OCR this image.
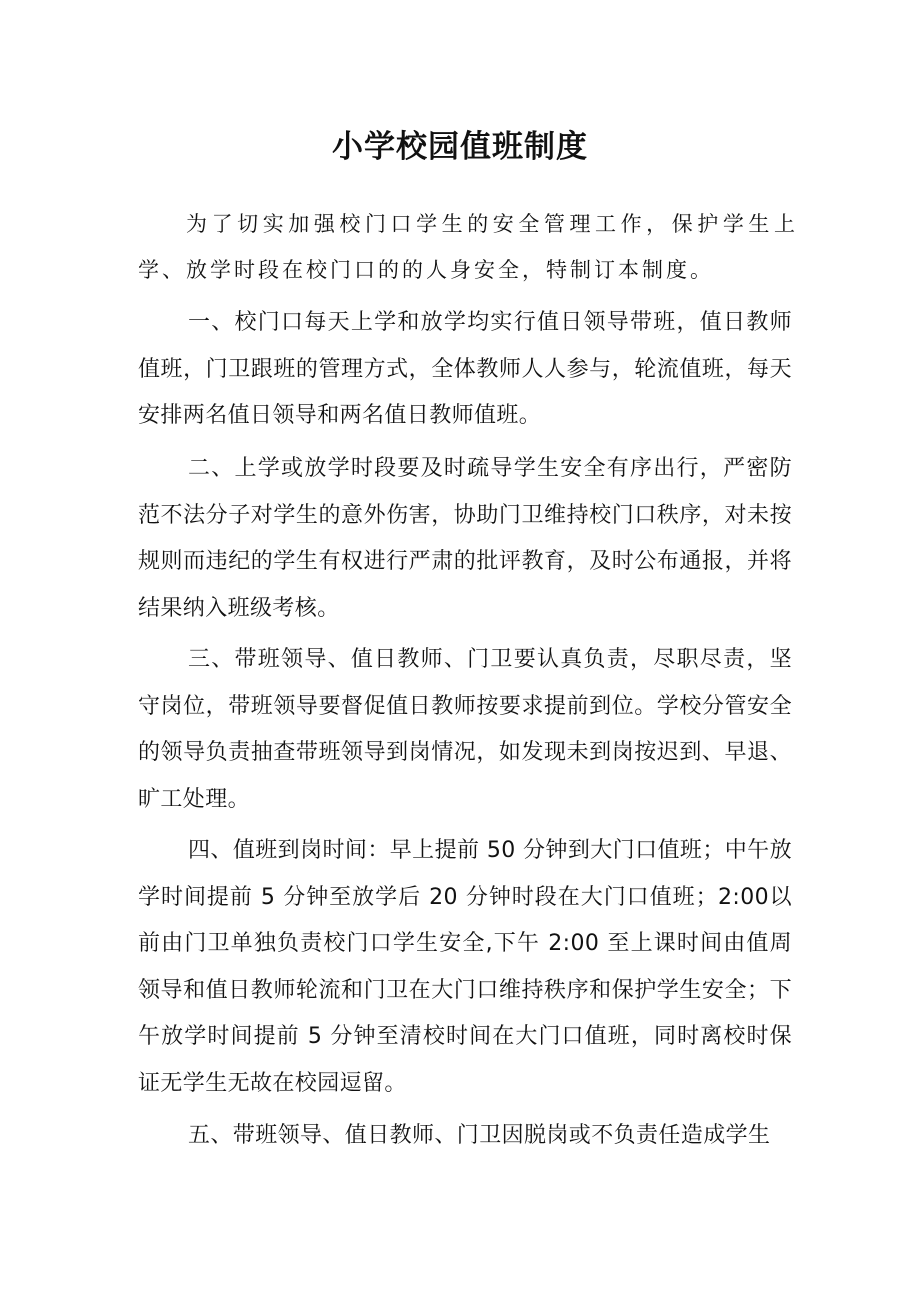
小学校园值班制度

为了切实加强校门口学生的安全管理工作，保护学生上学、放学时段在校门口的的人身安全，特制订本制度。

一、校门口每天上学和放学均实行值日领导带班，值日教师值班，门卫跟班的管理方式，全体教师人人参与，轮流值班，每天安排两名值日领导和两名值日教师值班。

二、上学或放学时段要及时疏导学生安全有序出行，严密防范不法分子对学生的意外伤害，协助门卫维持校门口秩序，对未按规则而违纪的学生有权进行严肃的批评教育，及时公布通报，并将结果纳入班级考核。

三、带班领导、值日教师、门卫要认真负责，尽职尽责，坚守岗位，带班领导要督促值日教师按要求提前到位。学校分管安全的领导负责抽查带班领导到岗情况，如发现未到岗按迟到、早退、旷工处理。

四、值班到岗时间：早上提前 50 分钟到大门口值班；中午放学时间提前 5 分钟至放学后 20 分钟时段在大门口值班；2:00以前由门卫单独负责校门口学生安全,下午 2:00 至上课时间由值周领导和值日教师轮流和门卫在大门口维持秩序和保护学生安全；下午放学时间提前 5 分钟至清校时间在大门口值班，同时离校时保证无学生无故在校园逗留。

五、带班领导、值日教师、门卫因脱岗或不负责任造成学生
